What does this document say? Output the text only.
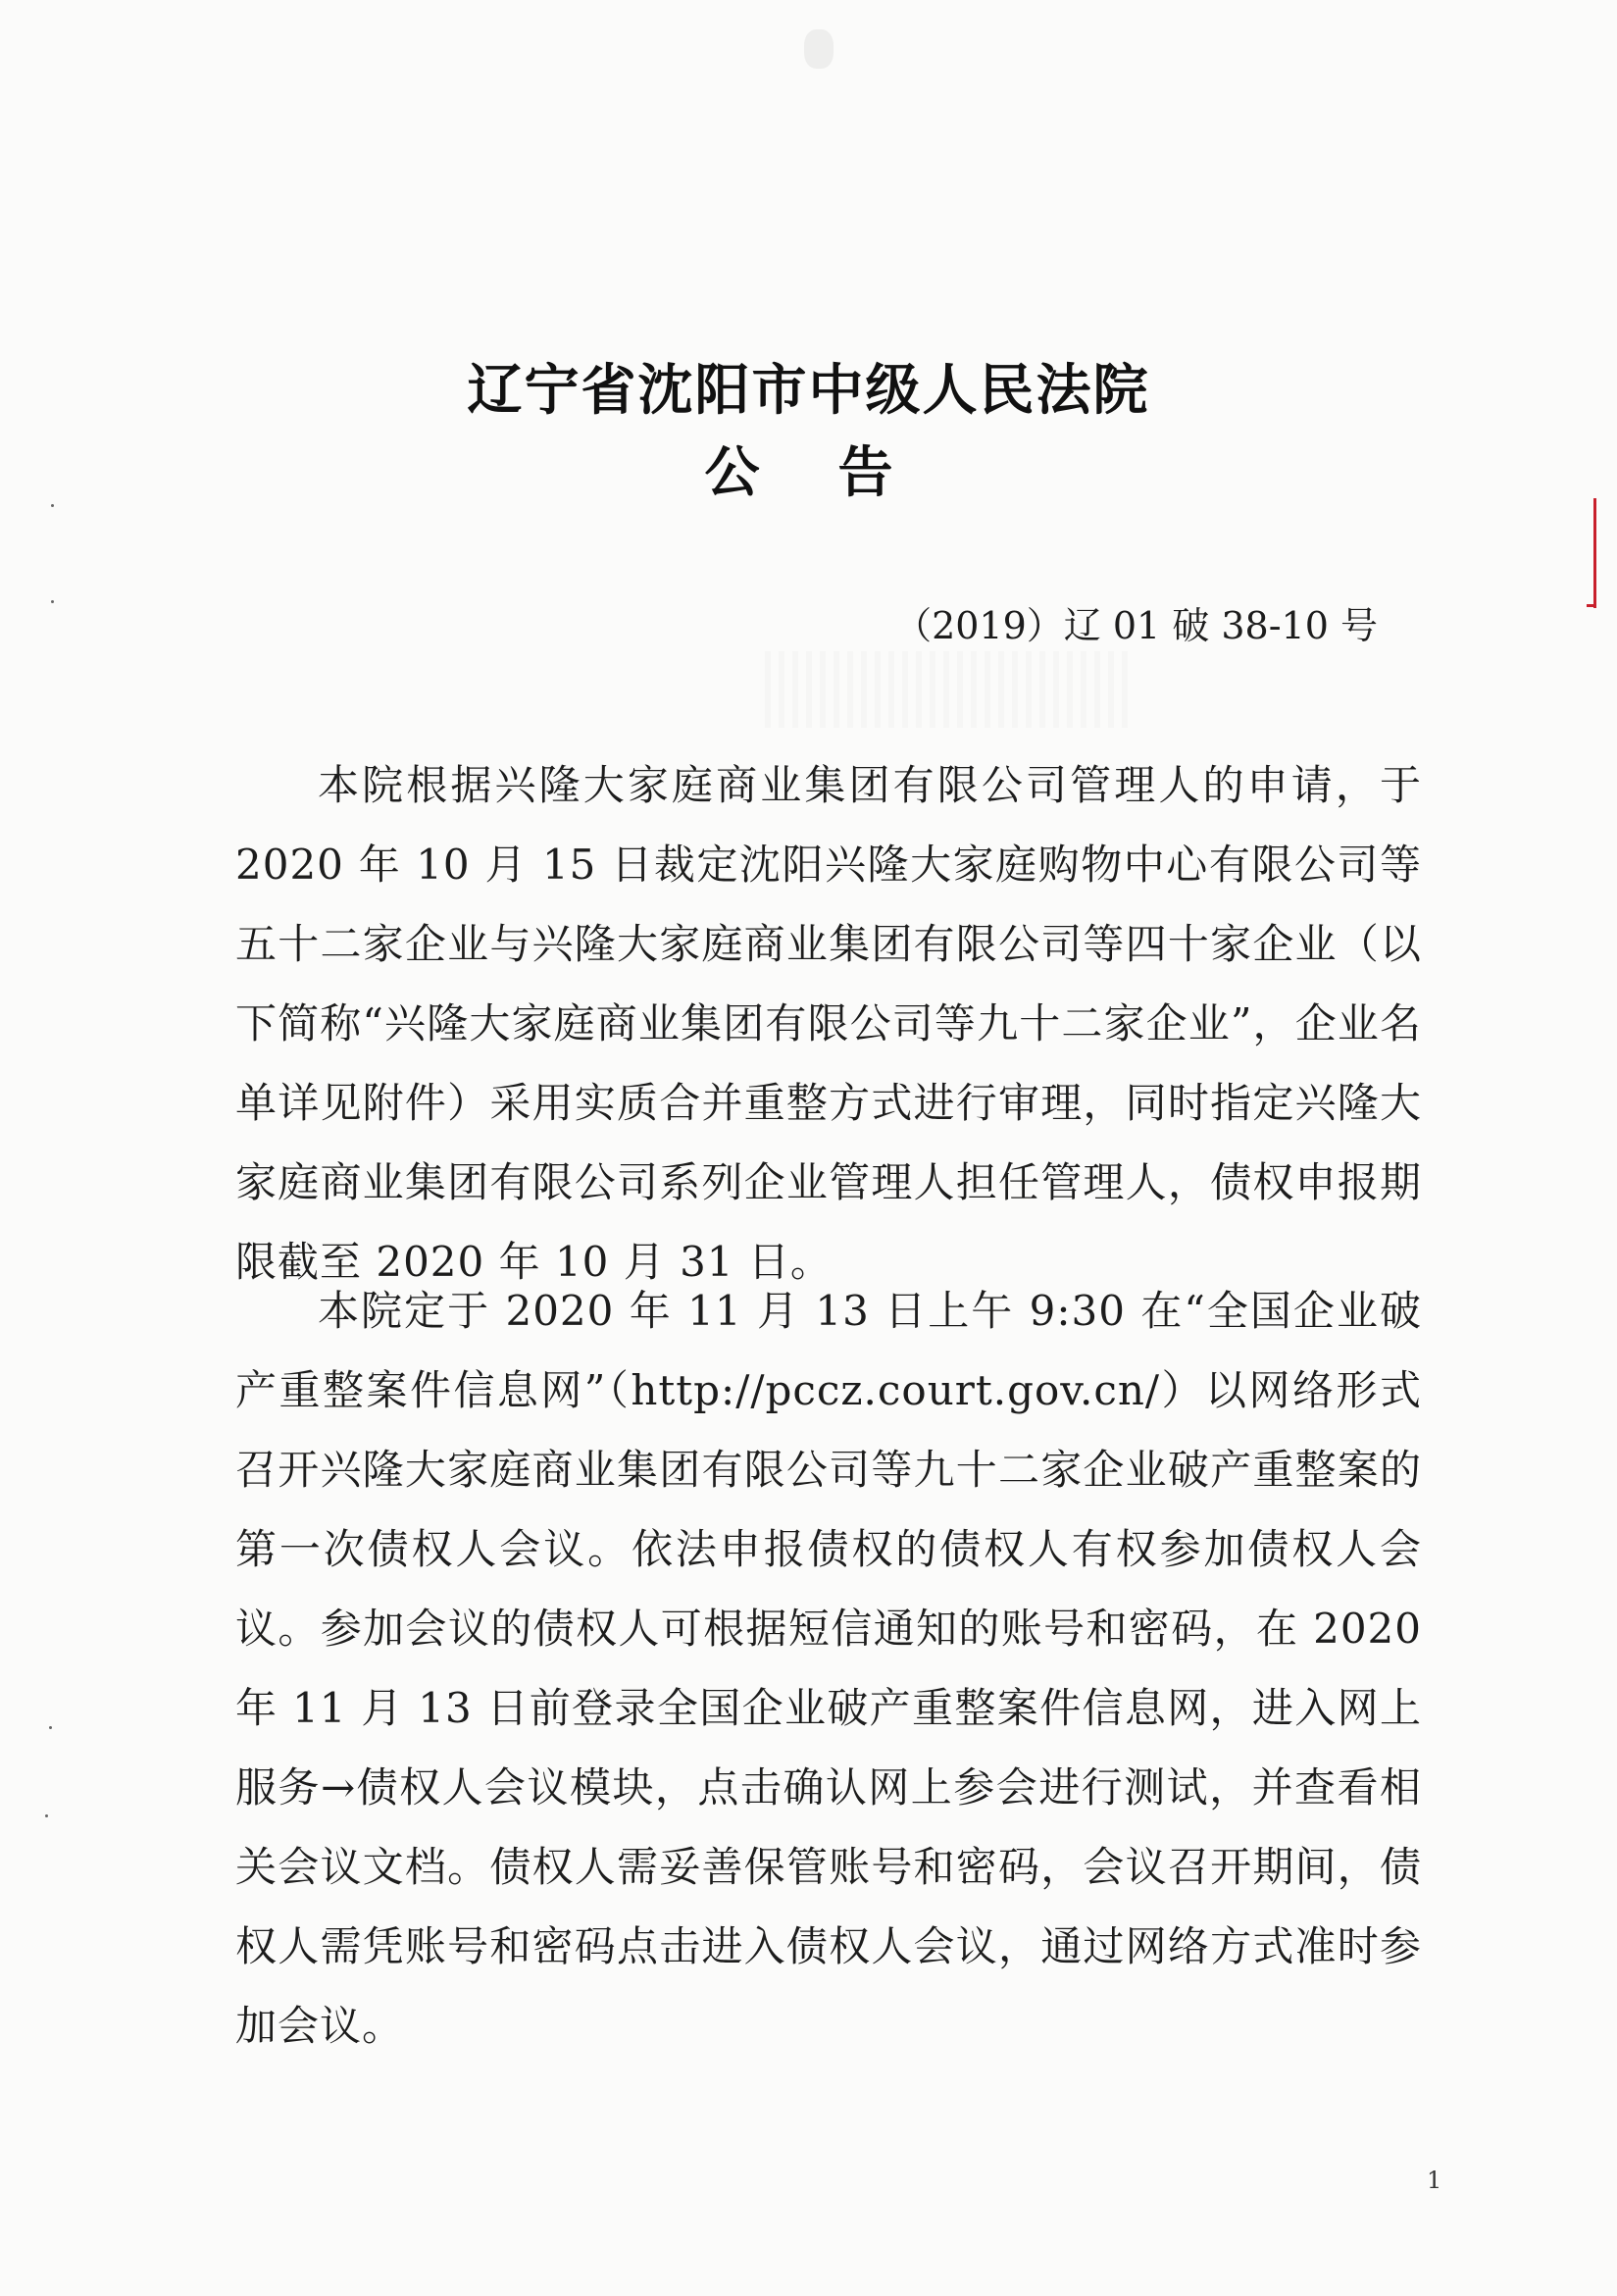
辽宁省沈阳市中级人民法院
公告
（2019）辽 01 破 38-10 号

本院根据兴隆大家庭商业集团有限公司管理人的申请，于2020 年 10 月 15 日裁定沈阳兴隆大家庭购物中心有限公司等五十二家企业与兴隆大家庭商业集团有限公司等四十家企业（以下简称“兴隆大家庭商业集团有限公司等九十二家企业”，企业名单详见附件）采用实质合并重整方式进行审理，同时指定兴隆大家庭商业集团有限公司系列企业管理人担任管理人，债权申报期限截至 2020 年 10 月 31 日。

本院定于 2020 年 11 月 13 日上午 9:30 在“全国企业破产重整案件信息网”（http://pccz.court.gov.cn/）以网络形式召开兴隆大家庭商业集团有限公司等九十二家企业破产重整案的第一次债权人会议。依法申报债权的债权人有权参加债权人会议。参加会议的债权人可根据短信通知的账号和密码，在 2020 年 11 月 13 日前登录全国企业破产重整案件信息网，进入网上服务→债权人会议模块，点击确认网上参会进行测试，并查看相关会议文档。债权人需妥善保管账号和密码，会议召开期间，债权人需凭账号和密码点击进入债权人会议，通过网络方式准时参加会议。

1
